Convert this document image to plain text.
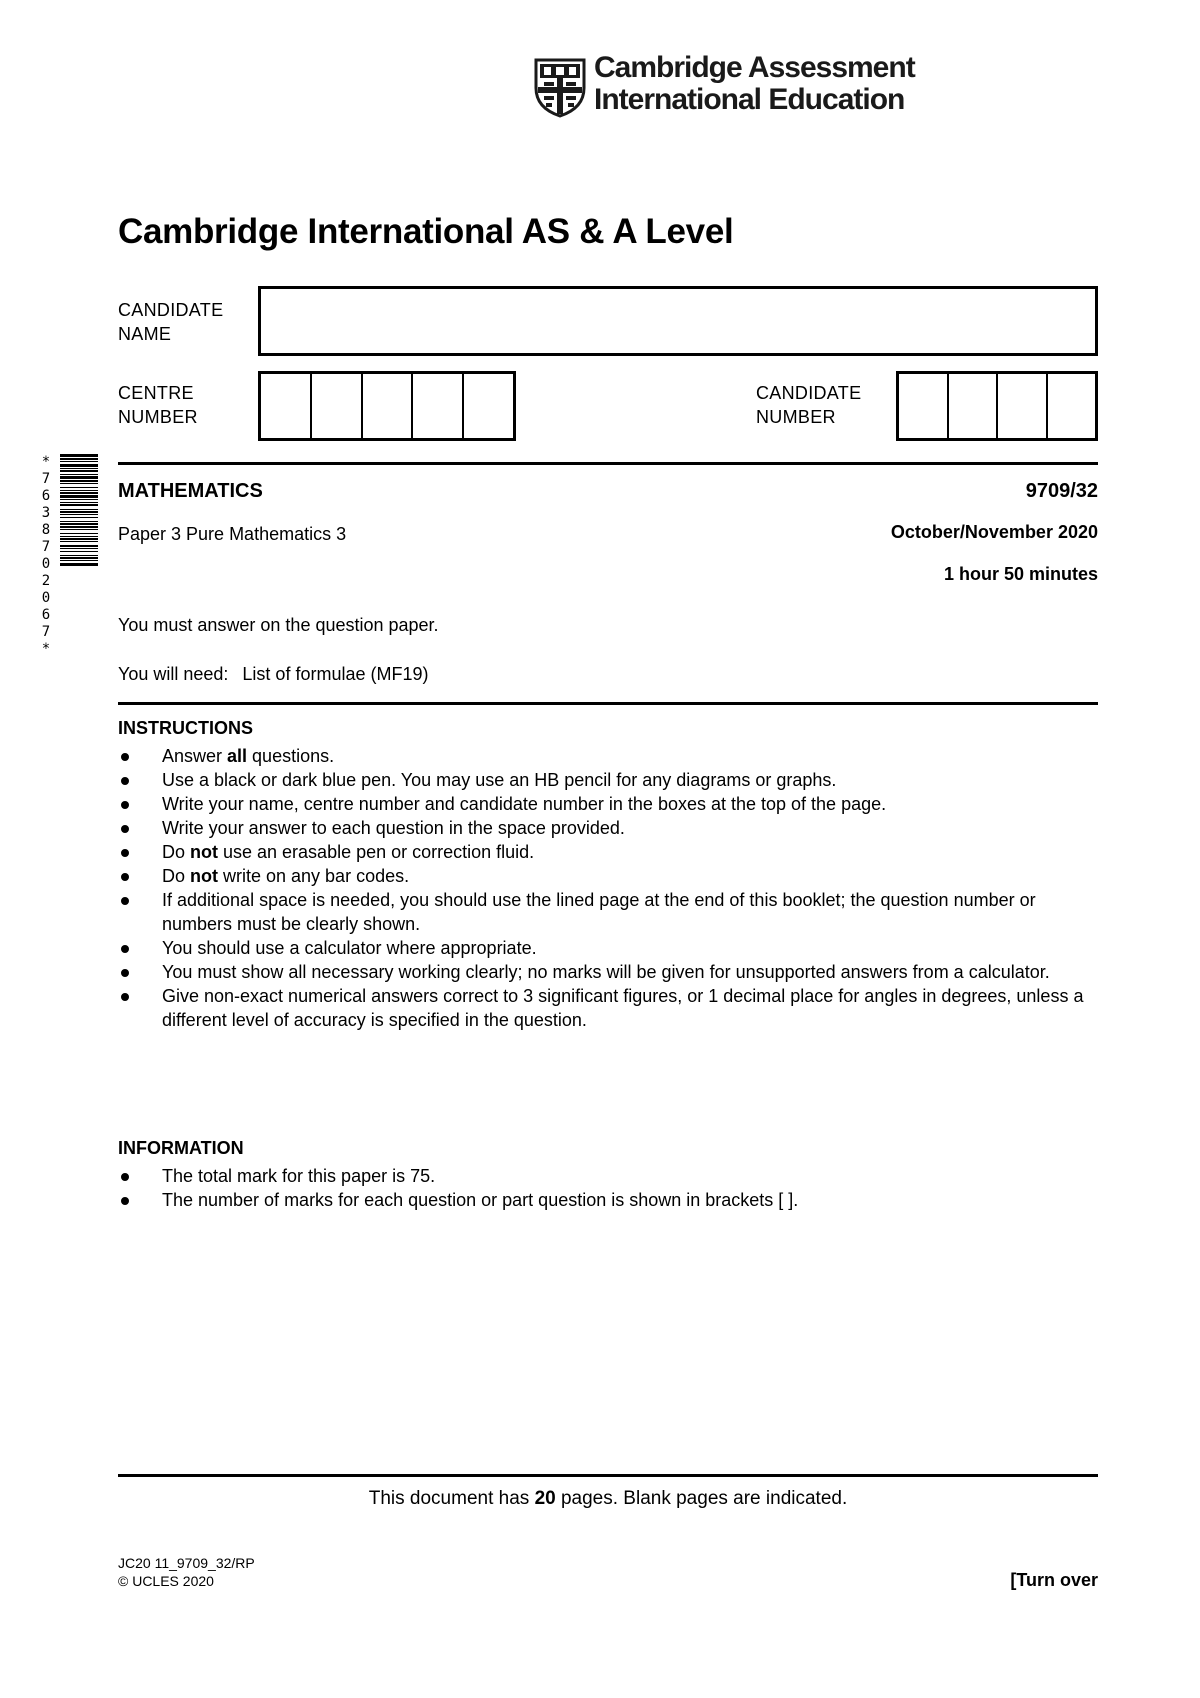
Cambridge Assessment
International Education
Cambridge International AS & A Level
CANDIDATE
NAME
CENTRE
NUMBER
CANDIDATE
NUMBER
*
7
6
3
8
7
0
2
0
6
7
*
MATHEMATICS	9709/32
Paper 3 Pure Mathematics 3	October/November 2020
1 hour 50 minutes
You must answer on the question paper.
You will need: List of formulae (MF19)
INSTRUCTIONS
Answer all questions.
Use a black or dark blue pen. You may use an HB pencil for any diagrams or graphs.
Write your name, centre number and candidate number in the boxes at the top of the page.
Write your answer to each question in the space provided.
Do not use an erasable pen or correction fluid.
Do not write on any bar codes.
If additional space is needed, you should use the lined page at the end of this booklet; the question number or numbers must be clearly shown.
You should use a calculator where appropriate.
You must show all necessary working clearly; no marks will be given for unsupported answers from a calculator.
Give non-exact numerical answers correct to 3 significant figures, or 1 decimal place for angles in degrees, unless a different level of accuracy is specified in the question.
INFORMATION
The total mark for this paper is 75.
The number of marks for each question or part question is shown in brackets [ ].
This document has 20 pages. Blank pages are indicated.
JC20 11_9709_32/RP
© UCLES 2020	[Turn over
